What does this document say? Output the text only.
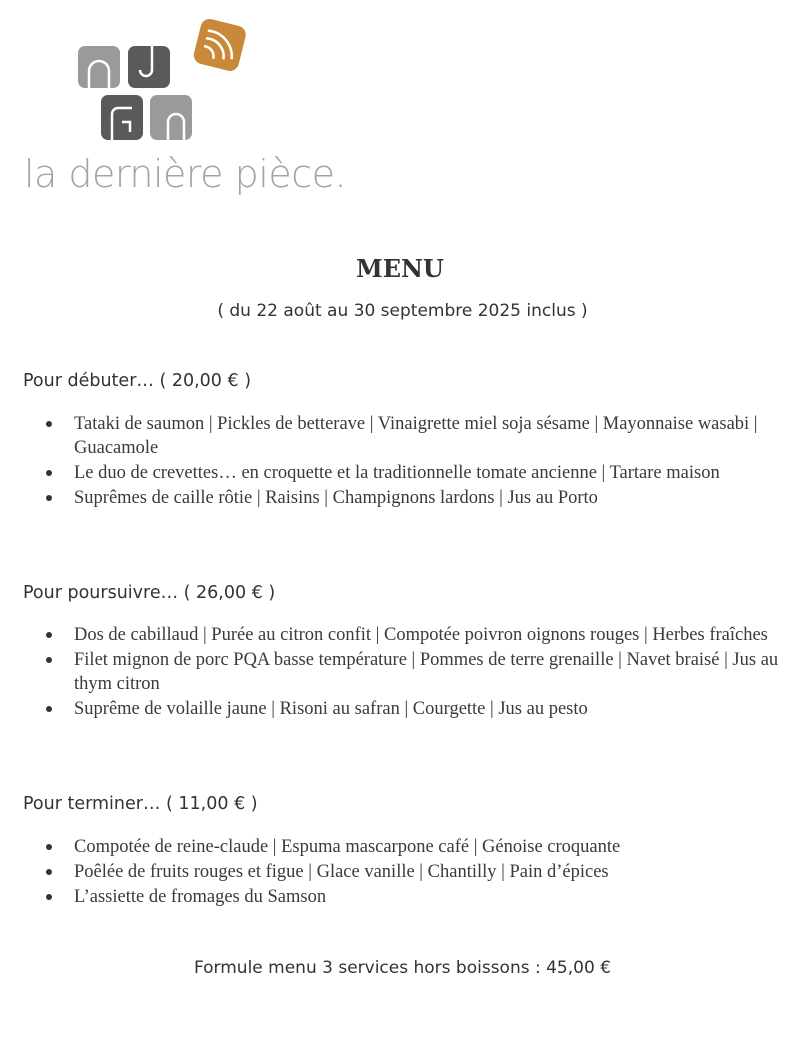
la dernière pièce.
MENU
( du 22 août au 30 septembre 2025 inclus )
Pour débuter… ( 20,00 € )
Tataki de saumon | Pickles de betterave | Vinaigrette miel soja sésame | Mayonnaise wasabi | Guacamole
Le duo de crevettes… en croquette et la traditionnelle tomate ancienne | Tartare maison
Suprêmes de caille rôtie | Raisins | Champignons lardons | Jus au Porto
Pour poursuivre… ( 26,00 € )
Dos de cabillaud | Purée au citron confit | Compotée poivron oignons rouges | Herbes fraîches
Filet mignon de porc PQA basse température | Pommes de terre grenaille | Navet braisé | Jus au thym citron
Suprême de volaille jaune | Risoni au safran | Courgette | Jus au pesto
Pour terminer… ( 11,00 € )
Compotée de reine-claude | Espuma mascarpone café | Génoise croquante
Poêlée de fruits rouges et figue | Glace vanille | Chantilly | Pain d’épices
L’assiette de fromages du Samson
Formule menu 3 services hors boissons : 45,00 €
